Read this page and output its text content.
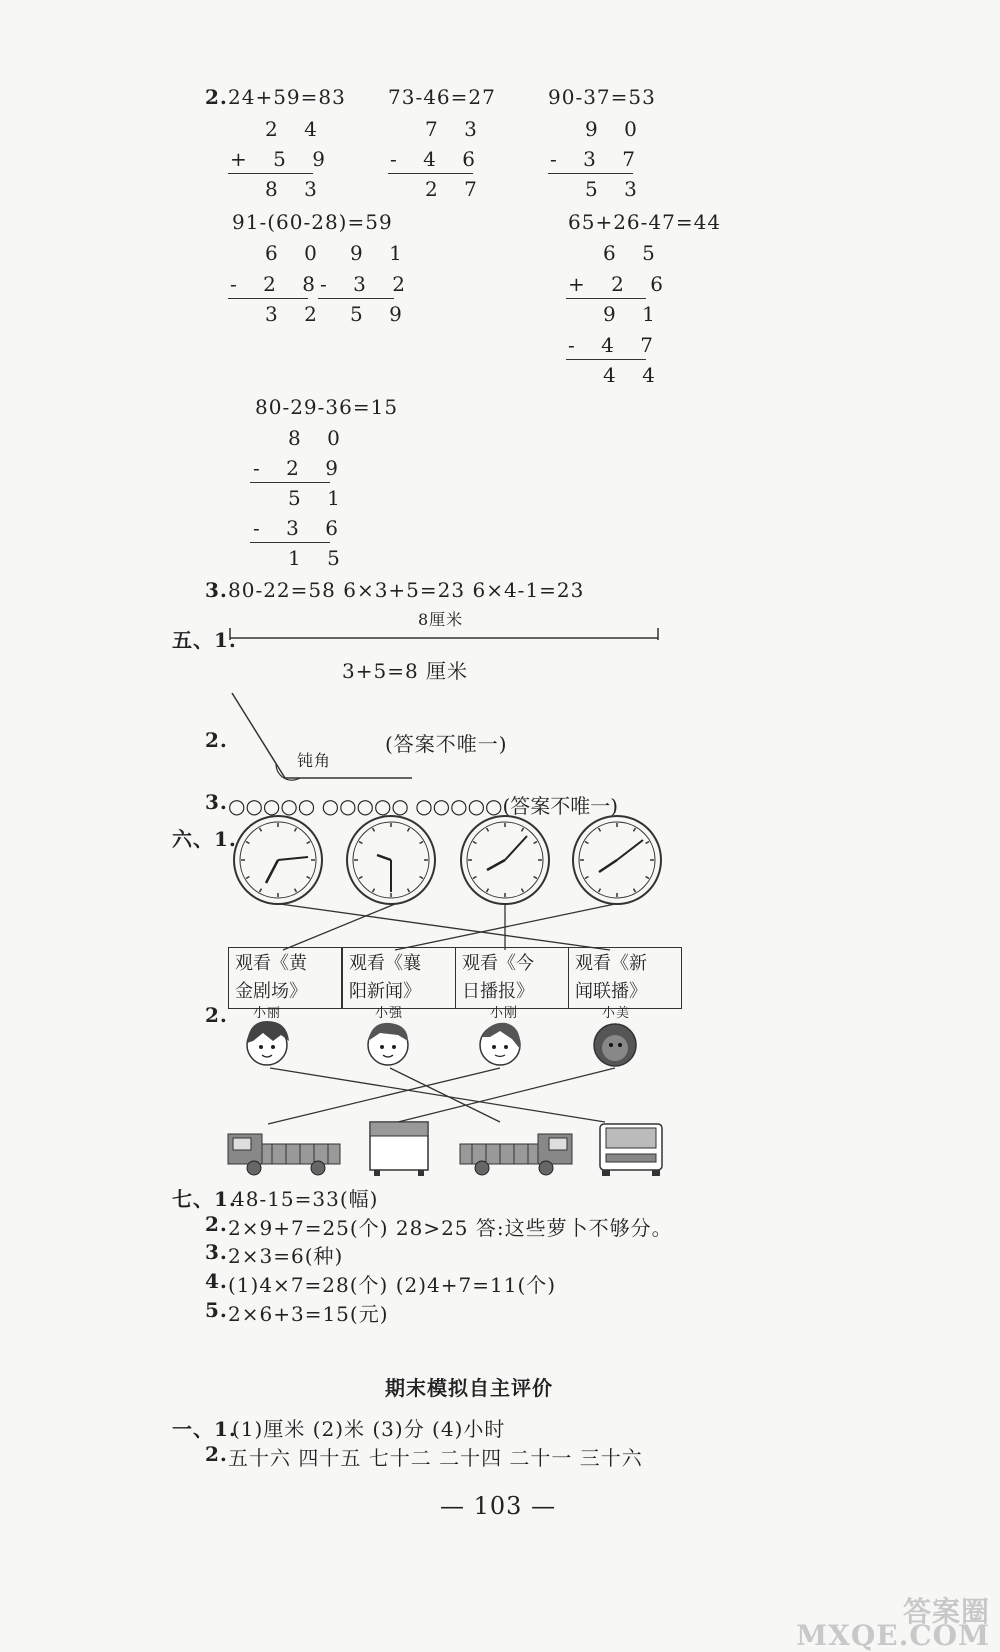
2. 24+59=83 73-46=27	90-37=53
2 4
+ 5 9
8 3
7 3
- 4 6
2 7
9 0
- 3 7
5 3
91-(60-28)=59	65+26-47=44
6 0
- 2 8
3 2
9 1
- 3 2
5 9
6 5
+ 2 6
9 1
- 4 7
4 4
80-29-36=15
8 0
- 2 9
5 1
- 3 6
1 5
3. 80-22=58 6×3+5=23 6×4-1=23
五、1.
8厘米
3+5=8 厘米
2.
钝角
(答案不唯一)
3. ○○○○○ ○○○○○ ○○○○○(答案不唯一)
六、1.
观看《黄
金剧场》
观看《襄
阳新闻》
观看《今
日播报》
观看《新
闻联播》
2. 小丽	小强	小刚	小美
七、1.
48-15=33(幅)
2. 2×9+7=25(个) 28>25 答:这些萝卜不够分。
3. 2×3=6(种)
4. (1)4×7=28(个) (2)4+7=11(个)
5. 2×6+3=15(元)
期末模拟自主评价
一、1.
(1)厘米 (2)米 (3)分 (4)小时
2. 五十六 四十五 七十二 二十四 二十一 三十六
— 103 —
答案圈 MXQE.COM
